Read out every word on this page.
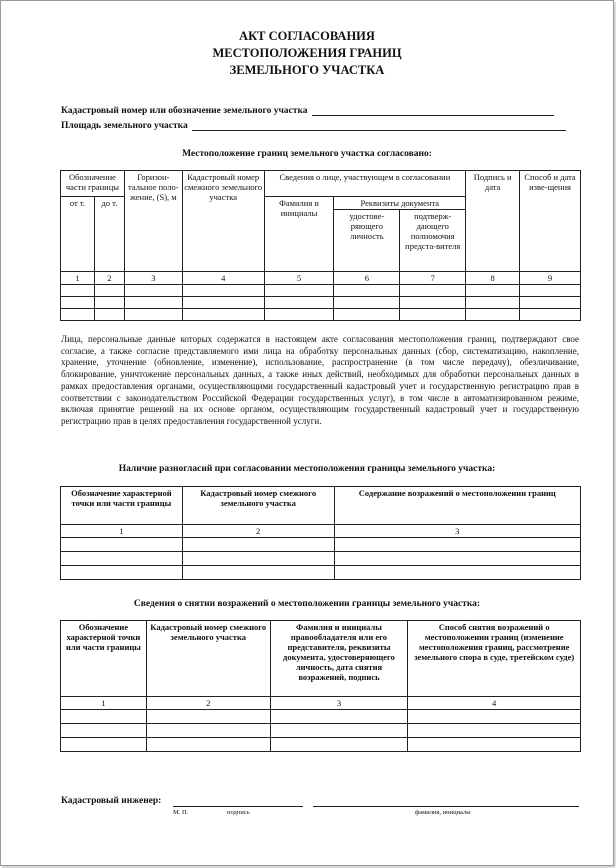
АКТ СОГЛАСОВАНИЯ
МЕСТОПОЛОЖЕНИЯ ГРАНИЦ
ЗЕМЕЛЬНОГО УЧАСТКА
Кадастровый номер или обозначение земельного участка
Площадь земельного участка
Местоположение границ земельного участка согласовано:
Обозначение части границы		Горизон-тальное поло-жение, (S), м	Кадастровый номер смежного земельного участка	Сведения о лице, участвующем в согласовании			Подпись и дата	Способ и дата изве-щения
от т.	до т.			Фамилия и инициалы	Реквизиты документа			
					удостове-ряющего личность	подтверж-дающего полномочия предста-вителя		
1	2	3	4	5	6	7	8	9

Лица, персональные данные которых содержатся в настоящем акте согласования местоположения границ, подтверждают свое согласие, а также согласие представляемого ими лица на обработку персональных данных (сбор, систематизацию, накопление, хранение, уточнение (обновление, изменение), использование, распространение (в том числе передачу), обезличивание, блокирование, уничтожение персональных данных, а также иных действий, необходимых для обработки персональных данных в рамках предоставления органами, осуществляющими государственный кадастровый учет и государственную регистрацию прав в соответствии с законодательством Российской Федерации государственных услуг), в том числе в автоматизированном режиме, включая принятие решений на их основе органом, осуществляющим государственный кадастровый учет и государственную регистрацию прав в целях предоставления государственной услуги.
Наличие разногласий при согласовании местоположения границы земельного участка:
Обозначение характерной точки или части границы	Кадастровый номер смежного земельного участка	Содержание возражений о местоположении границ
1	2	3

Сведения о снятии возражений о местоположении границы земельного участка:
Обозначение характерной точки или части границы	Кадастровый номер смежного земельного участка	Фамилия и инициалы правообладателя или его представителя, реквизиты документа, удостоверяющего личность, дата снятия возражений, подпись	Способ снятия возражений о местоположении границ (изменение местоположения границ, рассмотрение земельного спора в суде, третейском суде)
1	2	3	4

Кадастровый инженер:
М. П.	подпись	фамилия, инициалы
